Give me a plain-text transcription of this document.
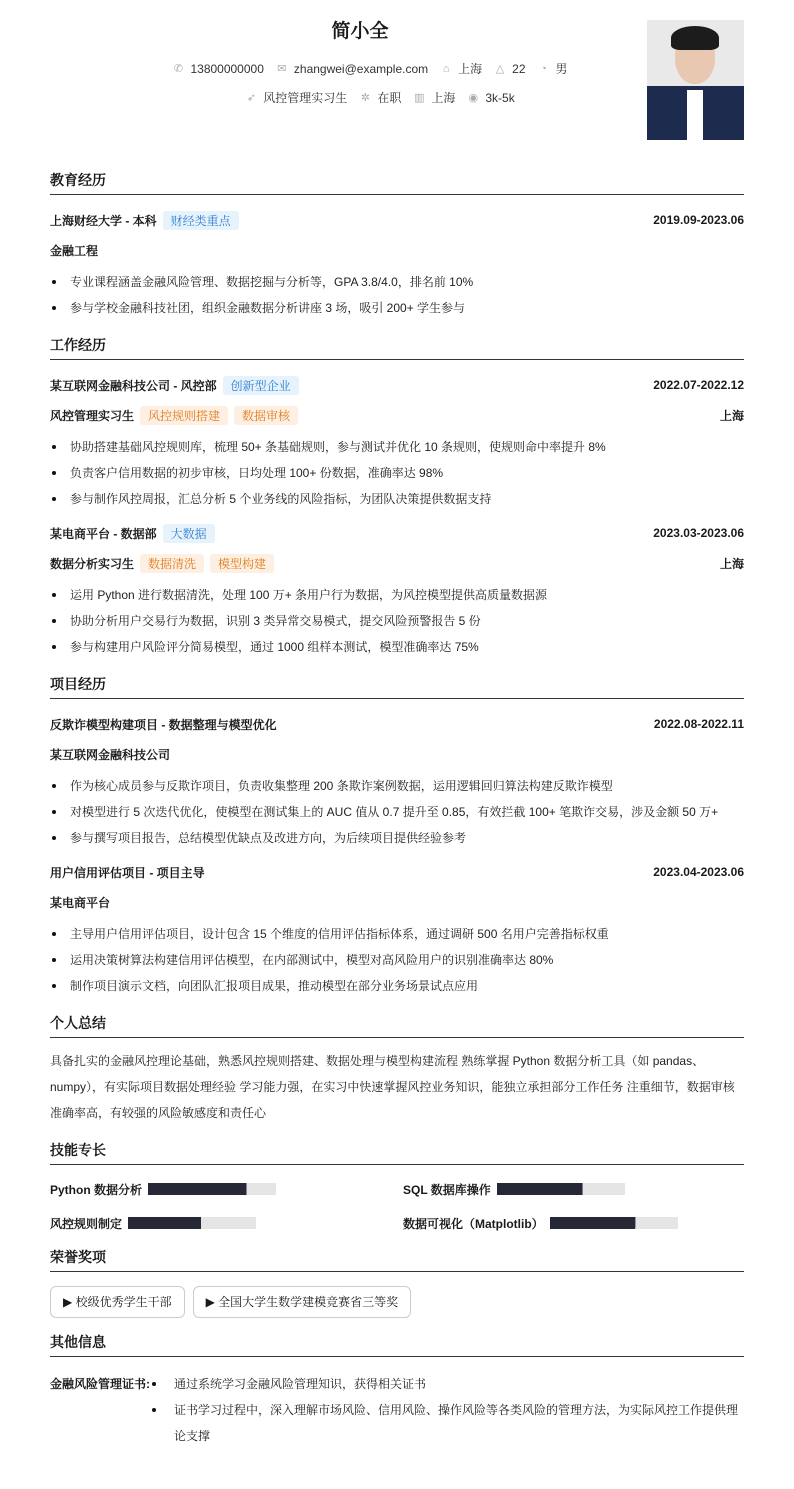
简小全
✆ 13800000000 ✉ zhangwei@example.com ⌂ 上海 △ 22 ◔ 男
➶ 风控管理实习生 ✲ 在职 ▥ 上海 ◉ 3k-5k
教育经历
上海财经大学 - 本科	财经类重点	2019.09-2023.06
金融工程
专业课程涵盖金融风险管理、数据挖掘与分析等，GPA 3.8/4.0，排名前 10%
参与学校金融科技社团，组织金融数据分析讲座 3 场，吸引 200+ 学生参与
工作经历
某互联网金融科技公司 - 风控部	创新型企业	2022.07-2022.12
风控管理实习生	风控规则搭建	数据审核	上海
协助搭建基础风控规则库，梳理 50+ 条基础规则，参与测试并优化 10 条规则，使规则命中率提升 8%
负责客户信用数据的初步审核，日均处理 100+ 份数据，准确率达 98%
参与制作风控周报，汇总分析 5 个业务线的风险指标，为团队决策提供数据支持
某电商平台 - 数据部	大数据	2023.03-2023.06
数据分析实习生	数据清洗	模型构建	上海
运用 Python 进行数据清洗，处理 100 万+ 条用户行为数据，为风控模型提供高质量数据源
协助分析用户交易行为数据，识别 3 类异常交易模式，提交风险预警报告 5 份
参与构建用户风险评分简易模型，通过 1000 组样本测试，模型准确率达 75%
项目经历
反欺诈模型构建项目 - 数据整理与模型优化	2022.08-2022.11
某互联网金融科技公司
作为核心成员参与反欺诈项目，负责收集整理 200 条欺诈案例数据，运用逻辑回归算法构建反欺诈模型
对模型进行 5 次迭代优化，使模型在测试集上的 AUC 值从 0.7 提升至 0.85，有效拦截 100+ 笔欺诈交易，涉及金额 50 万+
参与撰写项目报告，总结模型优缺点及改进方向，为后续项目提供经验参考
用户信用评估项目 - 项目主导	2023.04-2023.06
某电商平台
主导用户信用评估项目，设计包含 15 个维度的信用评估指标体系，通过调研 500 名用户完善指标权重
运用决策树算法构建信用评估模型，在内部测试中，模型对高风险用户的识别准确率达 80%
制作项目演示文档，向团队汇报项目成果，推动模型在部分业务场景试点应用
个人总结
具备扎实的金融风控理论基础，熟悉风控规则搭建、数据处理与模型构建流程 熟练掌握 Python 数据分析工具（如 pandas、numpy），有实际项目数据处理经验 学习能力强，在实习中快速掌握风控业务知识，能独立承担部分工作任务 注重细节，数据审核准确率高，有较强的风险敏感度和责任心
技能专长
Python 数据分析	SQL 数据库操作
风控规则制定	数据可视化（Matplotlib）
荣誉奖项
▶ 校级优秀学生干部	▶ 全国大学生数学建模竞赛省三等奖
其他信息
金融风险管理证书:	通过系统学习金融风险管理知识，获得相关证书
证书学习过程中，深入理解市场风险、信用风险、操作风险等各类风险的管理方法，为实际风控工作提供理论支撑
